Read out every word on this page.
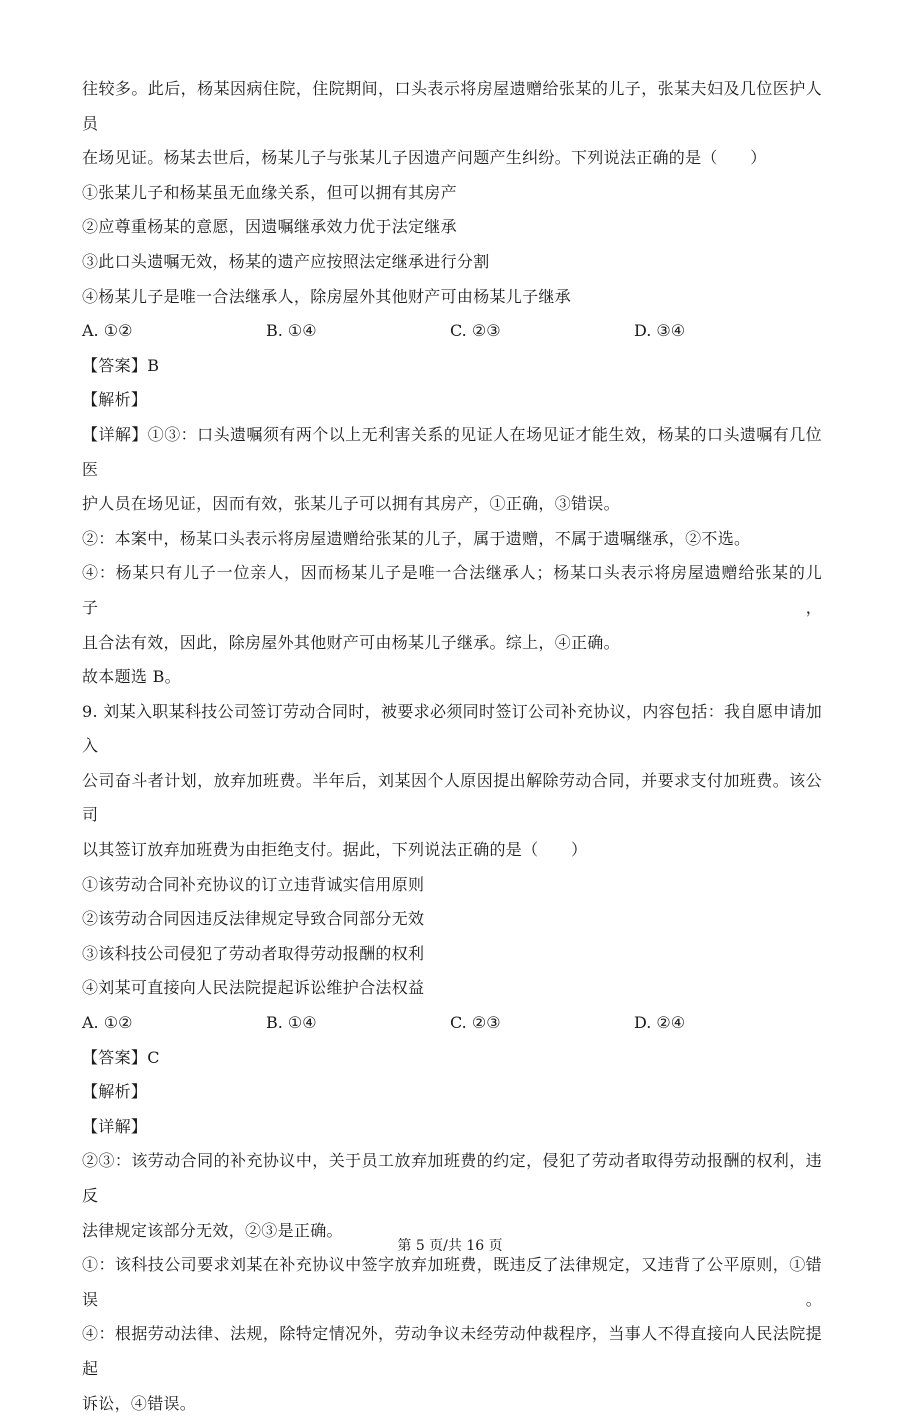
往较多。此后，杨某因病住院，住院期间，口头表示将房屋遗赠给张某的儿子，张某夫妇及几位医护人员

在场见证。杨某去世后，杨某儿子与张某儿子因遗产问题产生纠纷。下列说法正确的是（　　）

①张某儿子和杨某虽无血缘关系，但可以拥有其房产

②应尊重杨某的意愿，因遗嘱继承效力优于法定继承

③此口头遗嘱无效，杨某的遗产应按照法定继承进行分割

④杨某儿子是唯一合法继承人，除房屋外其他财产可由杨某儿子继承

A. ①②	B. ①④	C. ②③	D. ③④

【答案】B

【解析】

【详解】①③：口头遗嘱须有两个以上无利害关系的见证人在场见证才能生效，杨某的口头遗嘱有几位医

护人员在场见证，因而有效，张某儿子可以拥有其房产，①正确，③错误。

②：本案中，杨某口头表示将房屋遗赠给张某的儿子，属于遗赠，不属于遗嘱继承，②不选。

④：杨某只有儿子一位亲人，因而杨某儿子是唯一合法继承人；杨某口头表示将房屋遗赠给张某的儿子，

且合法有效，因此，除房屋外其他财产可由杨某儿子继承。综上，④正确。

故本题选 B。

9. 刘某入职某科技公司签订劳动合同时，被要求必须同时签订公司补充协议，内容包括：我自愿申请加入

公司奋斗者计划，放弃加班费。半年后，刘某因个人原因提出解除劳动合同，并要求支付加班费。该公司

以其签订放弃加班费为由拒绝支付。据此，下列说法正确的是（　　）

①该劳动合同补充协议的订立违背诚实信用原则

②该劳动合同因违反法律规定导致合同部分无效

③该科技公司侵犯了劳动者取得劳动报酬的权利

④刘某可直接向人民法院提起诉讼维护合法权益

A. ①②	B. ①④	C. ②③	D. ②④

【答案】C

【解析】

【详解】

②③：该劳动合同的补充协议中，关于员工放弃加班费的约定，侵犯了劳动者取得劳动报酬的权利，违反

法律规定该部分无效，②③是正确。

①：该科技公司要求刘某在补充协议中签字放弃加班费，既违反了法律规定，又违背了公平原则，①错误。

④：根据劳动法律、法规，除特定情况外，劳动争议未经劳动仲裁程序，当事人不得直接向人民法院提起

诉讼，④错误。

第 5 页/共 16 页
